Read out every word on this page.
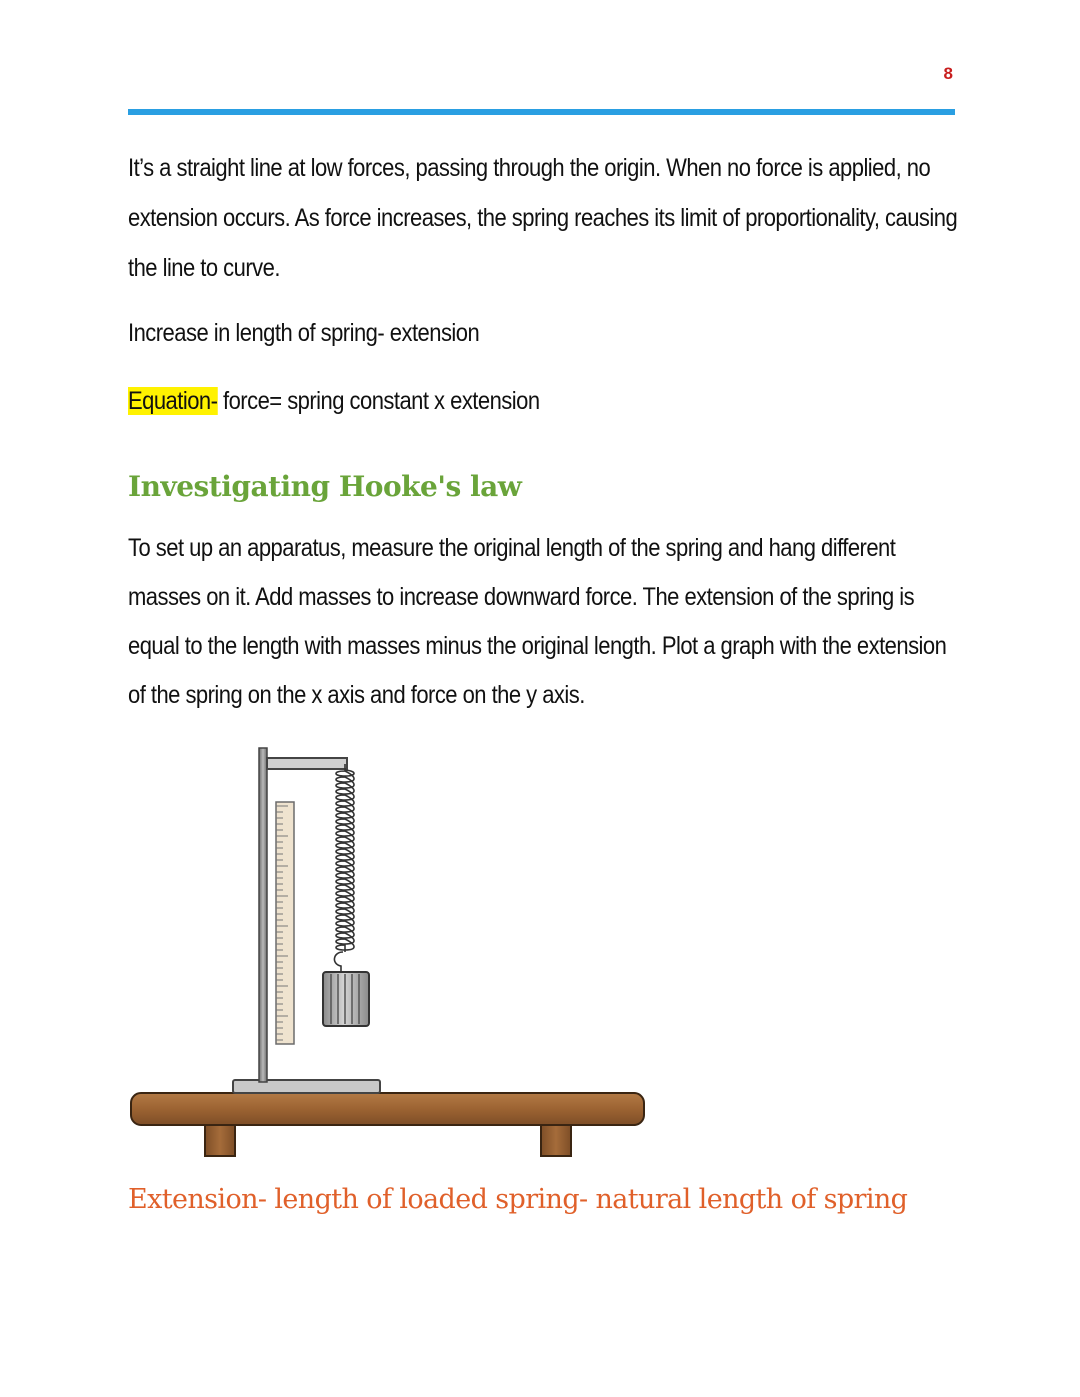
8

It’s a straight line at low forces, passing through the origin. When no force is applied, no extension occurs. As force increases, the spring reaches its limit of proportionality, causing the line to curve.

Increase in length of spring- extension

Equation- force= spring constant x extension

Investigating Hooke's law

To set up an apparatus, measure the original length of the spring and hang different masses on it. Add masses to increase downward force. The extension of the spring is equal to the length with masses minus the original length. Plot a graph with the extension of the spring on the x axis and force on the y axis.

Extension- length of loaded spring- natural length of spring
